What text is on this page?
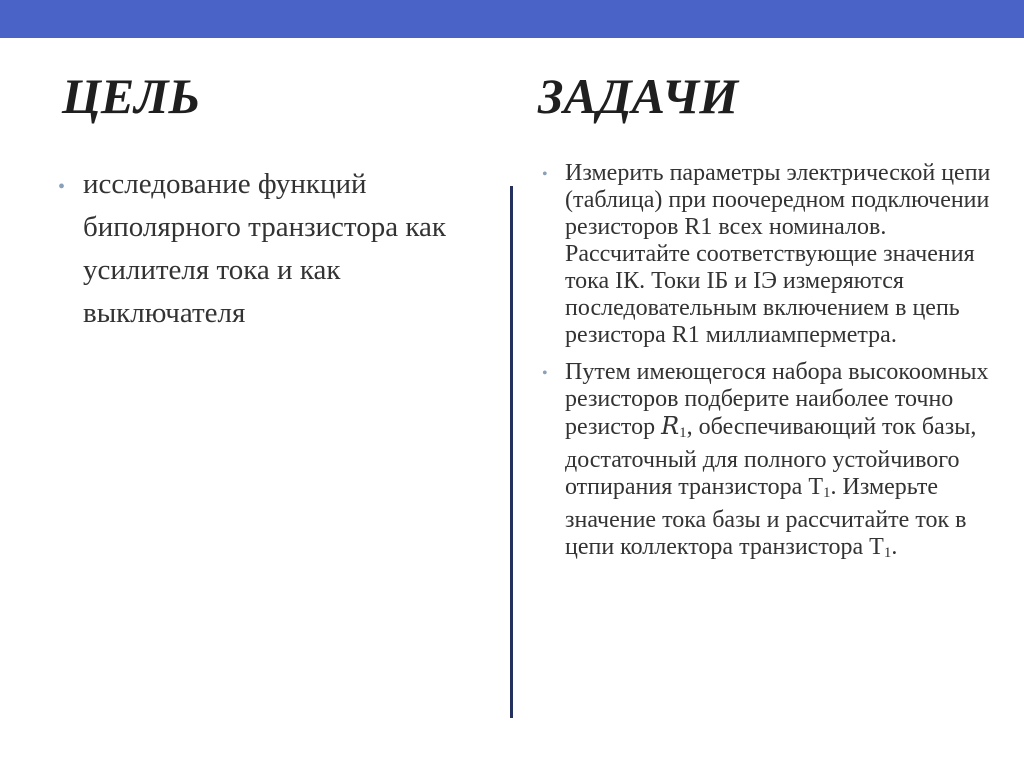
ЦЕЛЬ	ЗАДАЧИ
• исследование функций биполярного транзистора как усилителя тока и как выключателя
• Измерить параметры электрической цепи (таблица) при поочередном подключении резисторов R1 всех номиналов. Рассчитайте соответствующие значения тока IК. Токи IБ и IЭ измеряются последовательным включением в цепь резистора R1 миллиамперметра.
• Путем имеющегося набора высокоомных резисторов подберите наиболее точно резистор $R_1$, обеспечивающий ток базы, достаточный для полного устойчивого отпирания транзистора $T_1$. Измерьте значение тока базы и рассчитайте ток в цепи коллектора транзистора $T_1$.
